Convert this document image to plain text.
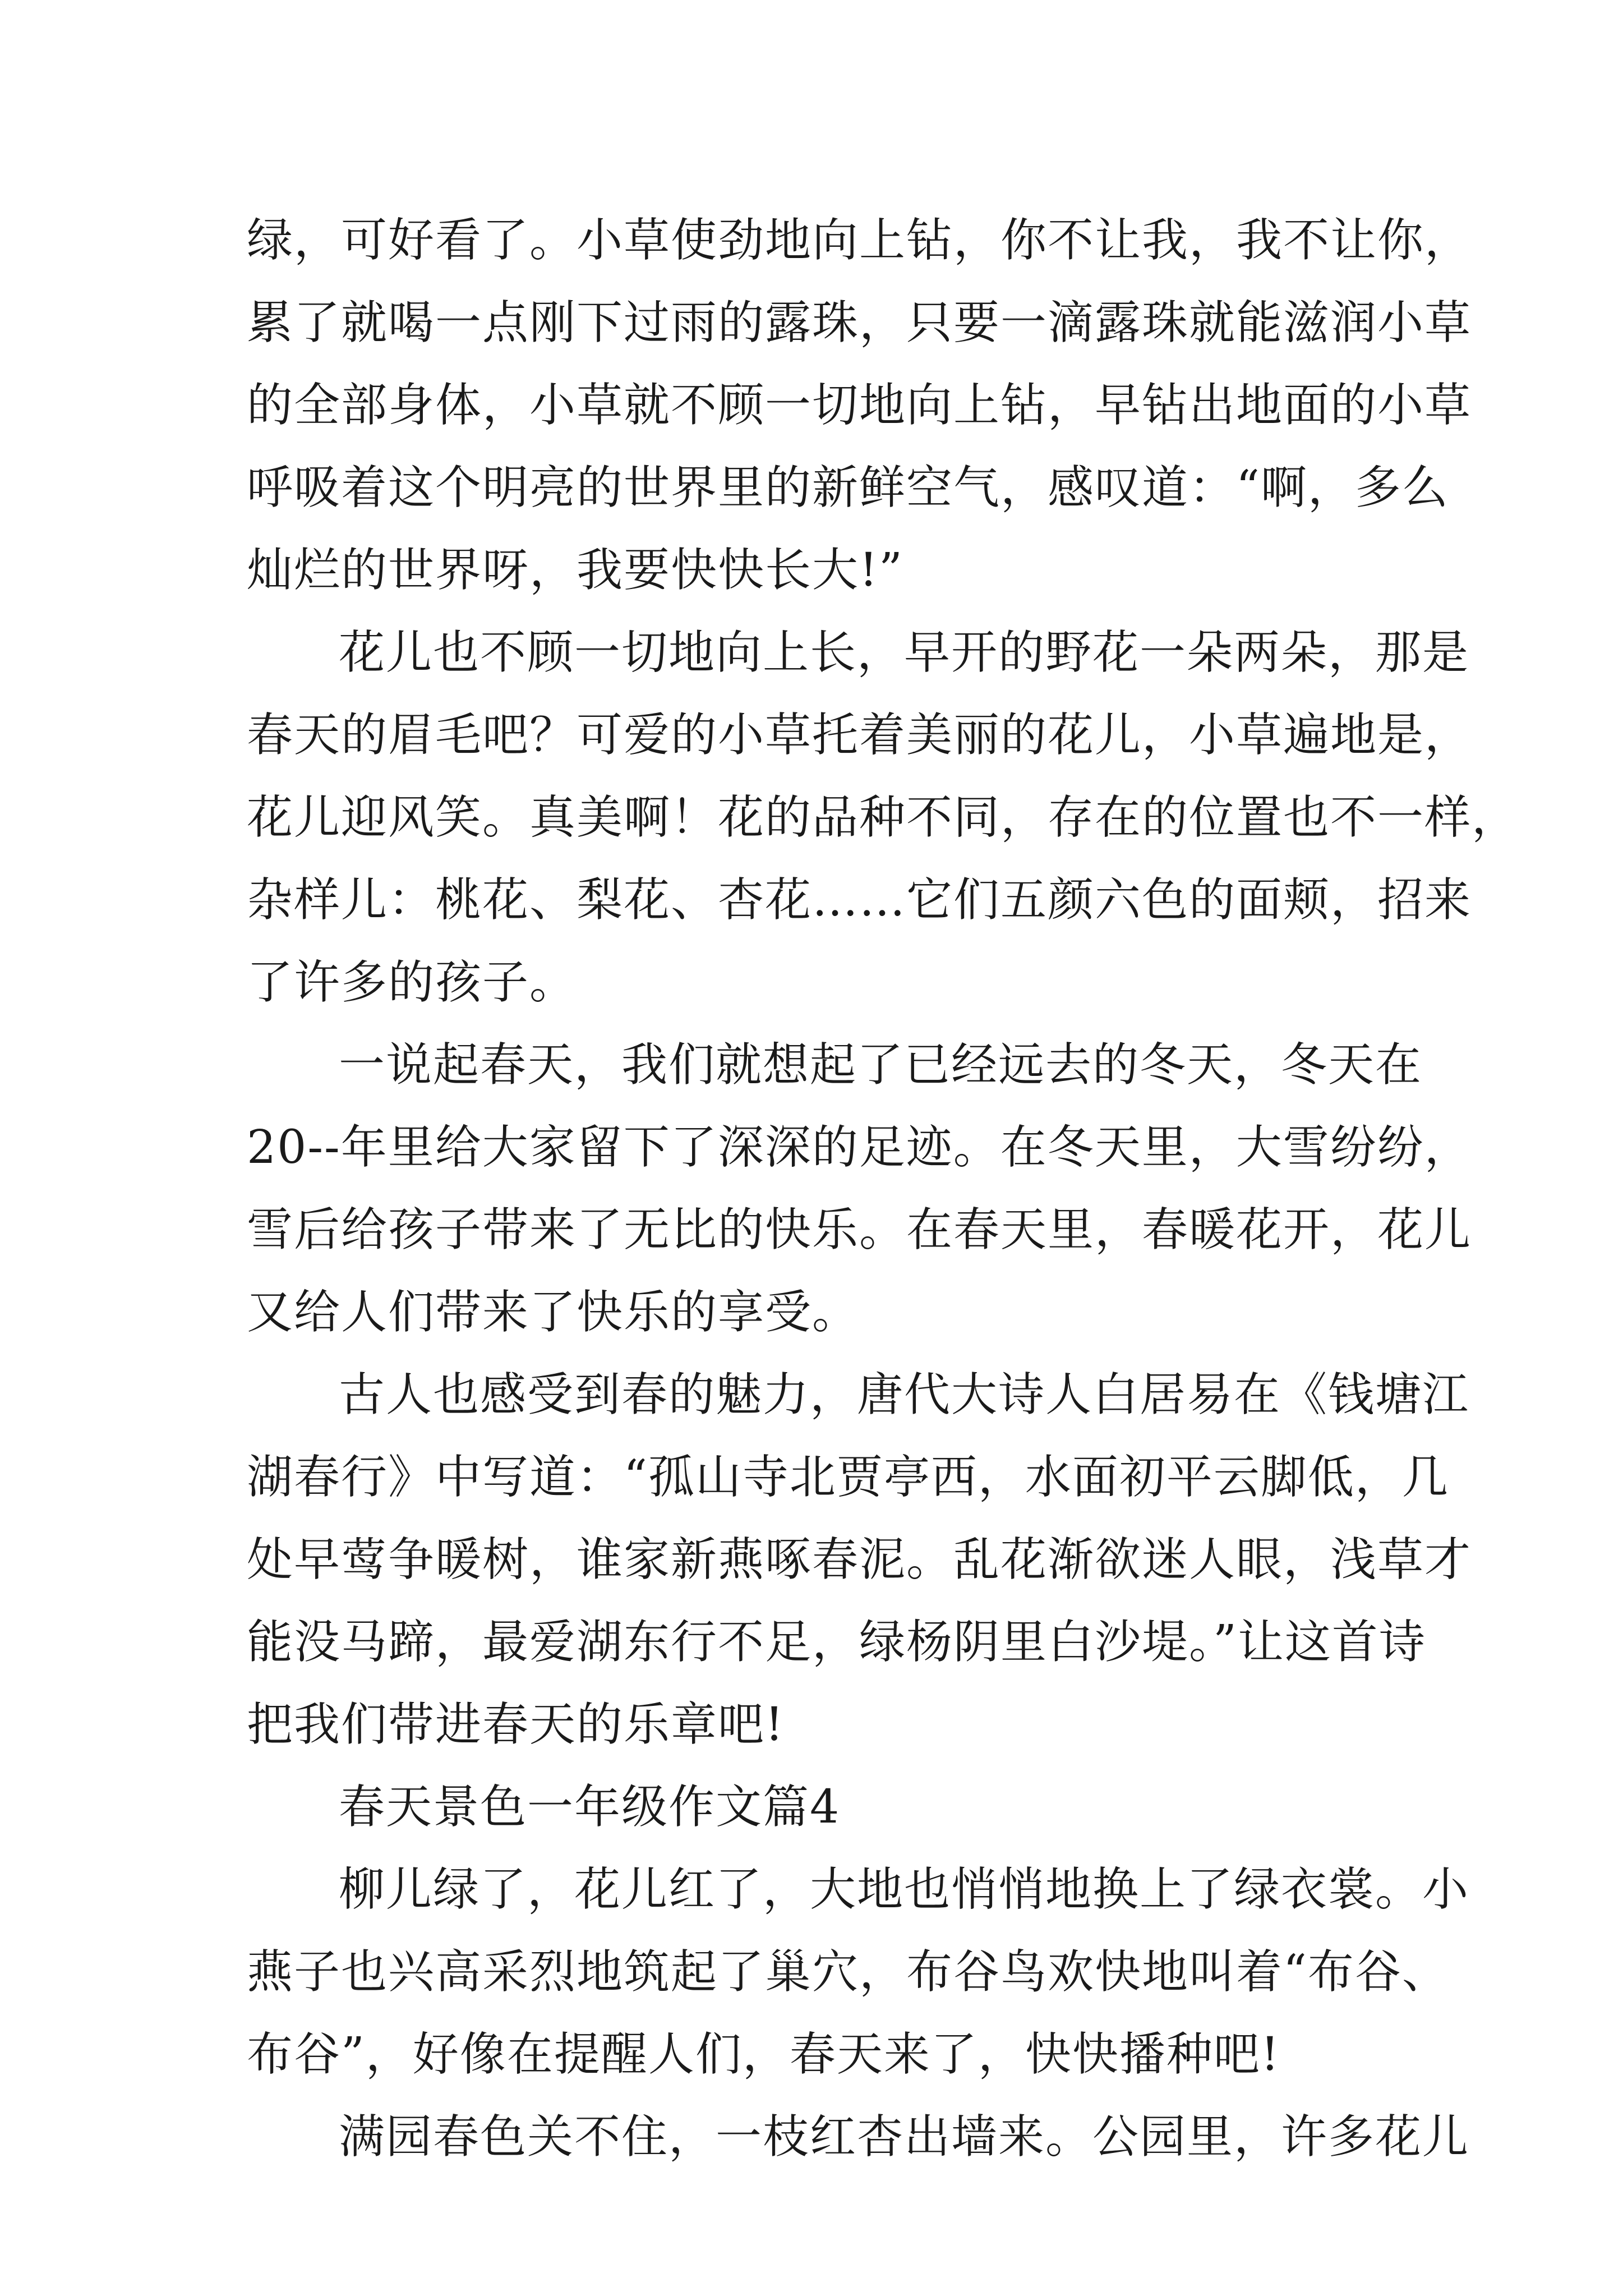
绿，可好看了。小草使劲地向上钻，你不让我，我不让你，
累了就喝一点刚下过雨的露珠，只要一滴露珠就能滋润小草
的全部身体，小草就不顾一切地向上钻，早钻出地面的小草
呼吸着这个明亮的世界里的新鲜空气，感叹道：“啊，多么
灿烂的世界呀，我要快快长大!”
花儿也不顾一切地向上长，早开的野花一朵两朵，那是
春天的眉毛吧？可爱的小草托着美丽的花儿，小草遍地是，
花儿迎风笑。真美啊！花的品种不同，存在的位置也不一样，
杂样儿：桃花、梨花、杏花……它们五颜六色的面颊，招来
了许多的孩子。
一说起春天，我们就想起了已经远去的冬天，冬天在
20--年里给大家留下了深深的足迹。在冬天里，大雪纷纷，
雪后给孩子带来了无比的快乐。在春天里，春暖花开，花儿
又给人们带来了快乐的享受。
古人也感受到春的魅力，唐代大诗人白居易在《钱塘江
湖春行》中写道：“孤山寺北贾亭西，水面初平云脚低，几
处早莺争暖树，谁家新燕啄春泥。乱花渐欲迷人眼，浅草才
能没马蹄，最爱湖东行不足，绿杨阴里白沙堤。”让这首诗
把我们带进春天的乐章吧!
春天景色一年级作文篇4
柳儿绿了，花儿红了，大地也悄悄地换上了绿衣裳。小
燕子也兴高采烈地筑起了巢穴，布谷鸟欢快地叫着“布谷、
布谷”，好像在提醒人们，春天来了，快快播种吧!
满园春色关不住，一枝红杏出墙来。公园里，许多花儿
